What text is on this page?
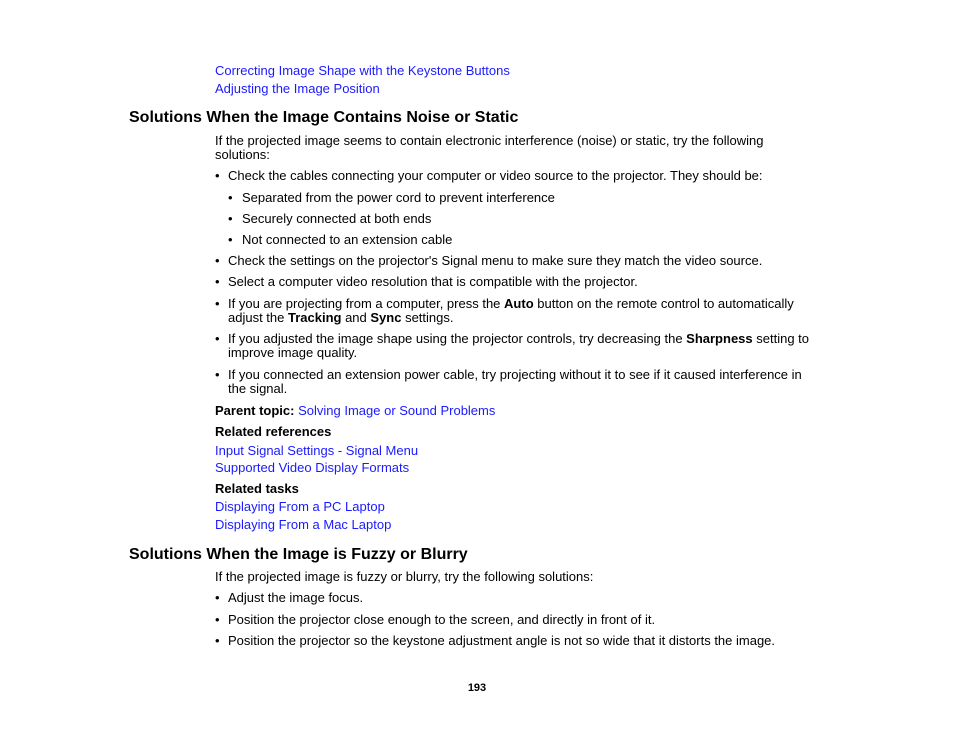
Correcting Image Shape with the Keystone Buttons
Adjusting the Image Position
Solutions When the Image Contains Noise or Static
If the projected image seems to contain electronic interference (noise) or static, try the following solutions:
• Check the cables connecting your computer or video source to the projector. They should be:
• Separated from the power cord to prevent interference
• Securely connected at both ends
• Not connected to an extension cable
• Check the settings on the projector's Signal menu to make sure they match the video source.
• Select a computer video resolution that is compatible with the projector.
• If you are projecting from a computer, press the Auto button on the remote control to automatically adjust the Tracking and Sync settings.
• If you adjusted the image shape using the projector controls, try decreasing the Sharpness setting to improve image quality.
• If you connected an extension power cable, try projecting without it to see if it caused interference in the signal.
Parent topic: Solving Image or Sound Problems
Related references
Input Signal Settings - Signal Menu
Supported Video Display Formats
Related tasks
Displaying From a PC Laptop
Displaying From a Mac Laptop
Solutions When the Image is Fuzzy or Blurry
If the projected image is fuzzy or blurry, try the following solutions:
• Adjust the image focus.
• Position the projector close enough to the screen, and directly in front of it.
• Position the projector so the keystone adjustment angle is not so wide that it distorts the image.
193
